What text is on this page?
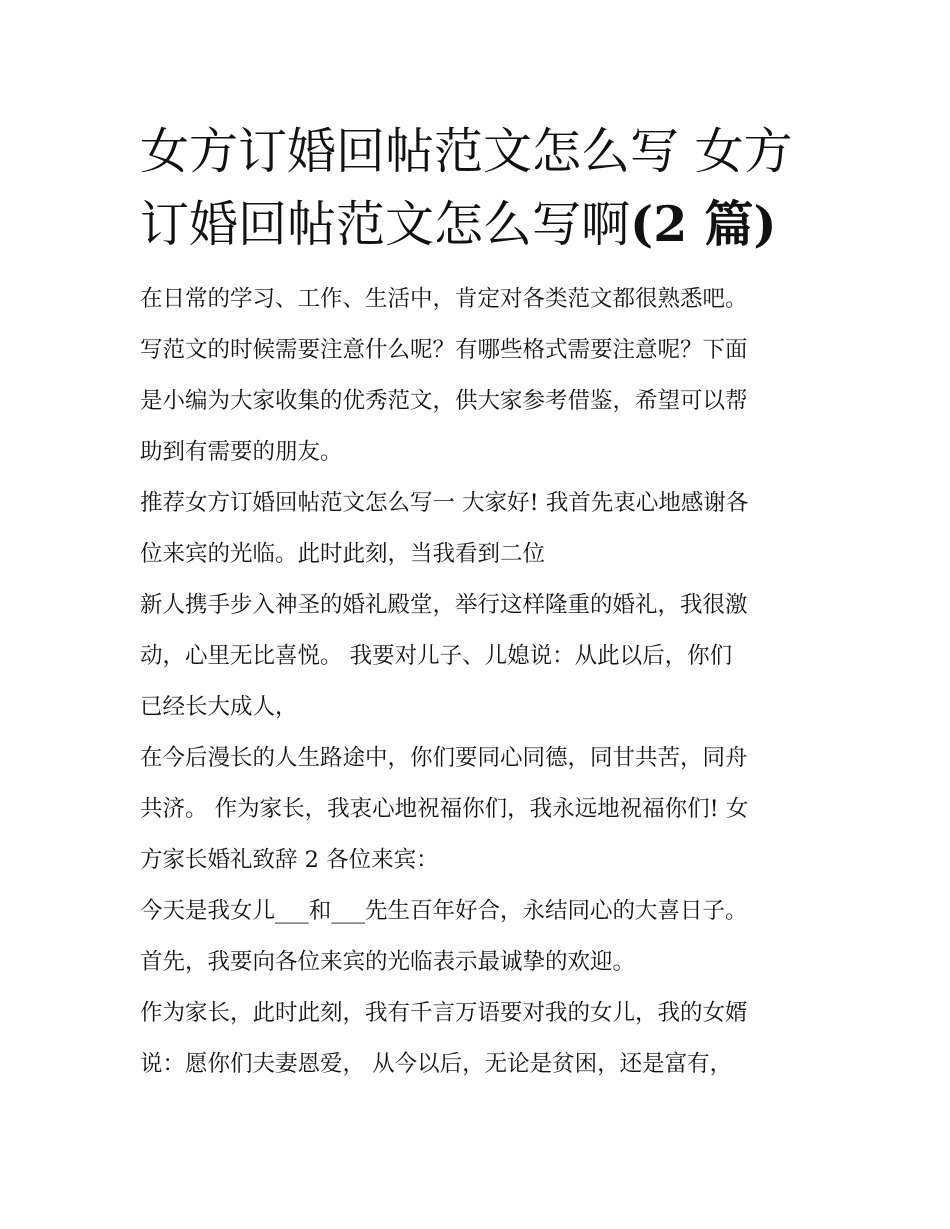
女方订婚回帖范文怎么写 女方
订婚回帖范文怎么写啊(2 篇)
在日常的学习、工作、生活中，肯定对各类范文都很熟悉吧。
写范文的时候需要注意什么呢？有哪些格式需要注意呢？下面
是小编为大家收集的优秀范文，供大家参考借鉴，希望可以帮
助到有需要的朋友。
推荐女方订婚回帖范文怎么写一 大家好! 我首先衷心地感谢各
位来宾的光临。此时此刻，当我看到二位
新人携手步入神圣的婚礼殿堂，举行这样隆重的婚礼，我很激
动，心里无比喜悦。 我要对儿子、儿媳说：从此以后，你们
已经长大成人，
在今后漫长的人生路途中，你们要同心同德，同甘共苦，同舟
共济。 作为家长，我衷心地祝福你们，我永远地祝福你们! 女
方家长婚礼致辞 2 各位来宾：
今天是我女儿___和___先生百年好合，永结同心的大喜日子。
首先，我要向各位来宾的光临表示最诚挚的欢迎。
作为家长，此时此刻，我有千言万语要对我的女儿，我的女婿
说：愿你们夫妻恩爱， 从今以后，无论是贫困，还是富有，
